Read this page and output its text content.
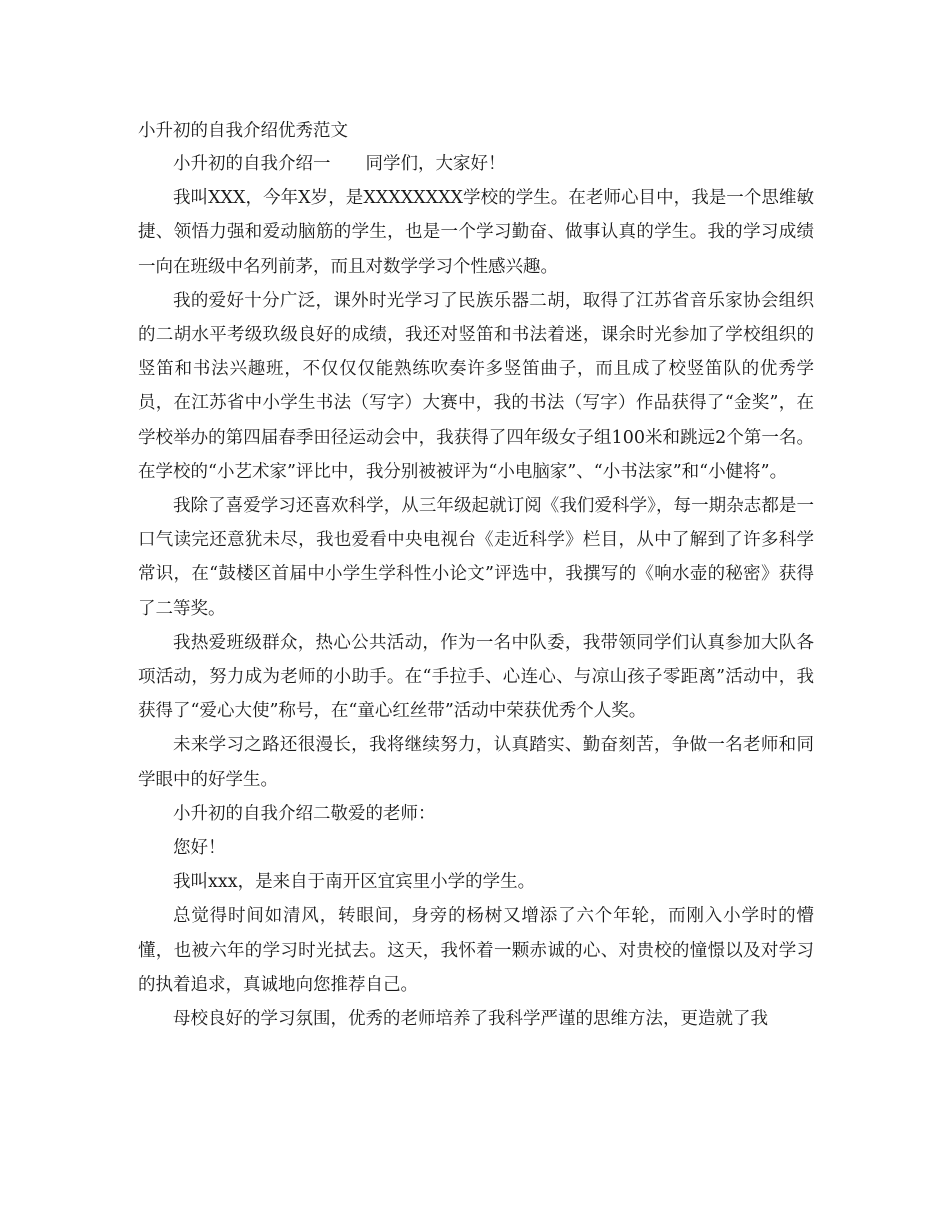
小升初的自我介绍优秀范文

小升初的自我介绍一　　同学们，大家好！

我叫XXX，今年X岁，是XXXXXXXX学校的学生。在老师心目中，我是一个思维敏捷、领悟力强和爱动脑筋的学生，也是一个学习勤奋、做事认真的学生。我的学习成绩一向在班级中名列前茅，而且对数学学习个性感兴趣。

我的爱好十分广泛，课外时光学习了民族乐器二胡，取得了江苏省音乐家协会组织的二胡水平考级玖级良好的成绩，我还对竖笛和书法着迷，课余时光参加了学校组织的竖笛和书法兴趣班，不仅仅仅能熟练吹奏许多竖笛曲子，而且成了校竖笛队的优秀学员，在江苏省中小学生书法（写字）大赛中，我的书法（写字）作品获得了“金奖”，在学校举办的第四届春季田径运动会中，我获得了四年级女子组100米和跳远2个第一名。在学校的“小艺术家”评比中，我分别被被评为“小电脑家”、“小书法家”和“小健将”。

我除了喜爱学习还喜欢科学，从三年级起就订阅《我们爱科学》，每一期杂志都是一口气读完还意犹未尽，我也爱看中央电视台《走近科学》栏目，从中了解到了许多科学常识，在“鼓楼区首届中小学生学科性小论文”评选中，我撰写的《响水壶的秘密》获得了二等奖。

我热爱班级群众，热心公共活动，作为一名中队委，我带领同学们认真参加大队各项活动，努力成为老师的小助手。在“手拉手、心连心、与凉山孩子零距离”活动中，我获得了“爱心大使”称号，在“童心红丝带”活动中荣获优秀个人奖。

未来学习之路还很漫长，我将继续努力，认真踏实、勤奋刻苦，争做一名老师和同学眼中的好学生。

小升初的自我介绍二敬爱的老师：

您好！

我叫xxx，是来自于南开区宜宾里小学的学生。

总觉得时间如清风，转眼间，身旁的杨树又增添了六个年轮，而刚入小学时的懵懂，也被六年的学习时光拭去。这天，我怀着一颗赤诚的心、对贵校的憧憬以及对学习的执着追求，真诚地向您推荐自己。

母校良好的学习氛围，优秀的老师培养了我科学严谨的思维方法，更造就了我
